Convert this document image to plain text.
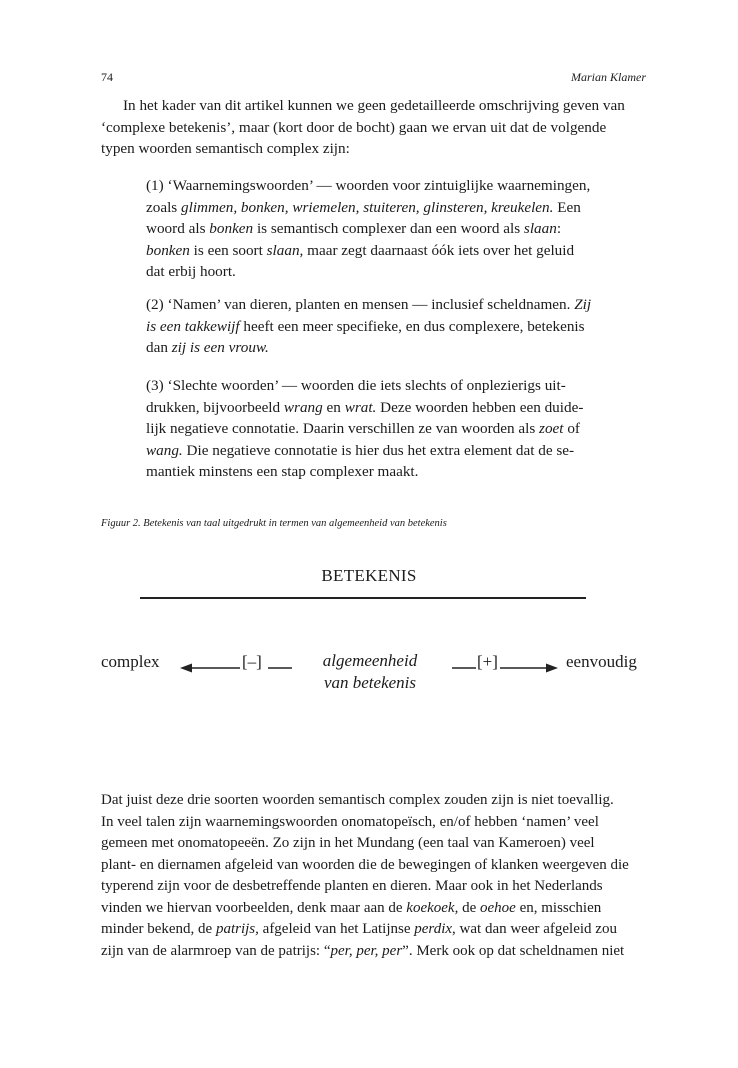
74	Marian Klamer
In het kader van dit artikel kunnen we geen gedetailleerde omschrijving geven van
‘complexe betekenis’, maar (kort door de bocht) gaan we ervan uit dat de volgende
typen woorden semantisch complex zijn:
(1) ‘Waarnemingswoorden’ — woorden voor zintuiglijke waarnemingen,
zoals glimmen, bonken, wriemelen, stuiteren, glinsteren, kreukelen. Een
woord als bonken is semantisch complexer dan een woord als slaan:
bonken is een soort slaan, maar zegt daarnaast óók iets over het geluid
dat erbij hoort.
(2) ‘Namen’ van dieren, planten en mensen — inclusief scheldnamen. Zij
is een takkewijf heeft een meer specifieke, en dus complexere, betekenis
dan zij is een vrouw.
(3) ‘Slechte woorden’ — woorden die iets slechts of onplezierigs uit-
drukken, bijvoorbeeld wrang en wrat. Deze woorden hebben een duide-
lijk negatieve connotatie. Daarin verschillen ze van woorden als zoet of
wang. Die negatieve connotatie is hier dus het extra element dat de se-
mantiek minstens een stap complexer maakt.
Figuur 2. Betekenis van taal uitgedrukt in termen van algemeenheid van betekenis
BETEKENIS
complex	[–]	algemeenheid
van betekenis
[+]	eenvoudig
Dat juist deze drie soorten woorden semantisch complex zouden zijn is niet toevallig.
In veel talen zijn waarnemingswoorden onomatopeïsch, en/of hebben ‘namen’ veel
gemeen met onomatopeeën. Zo zijn in het Mundang (een taal van Kameroen) veel
plant- en diernamen afgeleid van woorden die de bewegingen of klanken weergeven die
typerend zijn voor de desbetreffende planten en dieren. Maar ook in het Nederlands
vinden we hiervan voorbeelden, denk maar aan de koekoek, de oehoe en, misschien
minder bekend, de patrijs, afgeleid van het Latijnse perdix, wat dan weer afgeleid zou
zijn van de alarmroep van de patrijs: “per, per, per”. Merk ook op dat scheldnamen niet
